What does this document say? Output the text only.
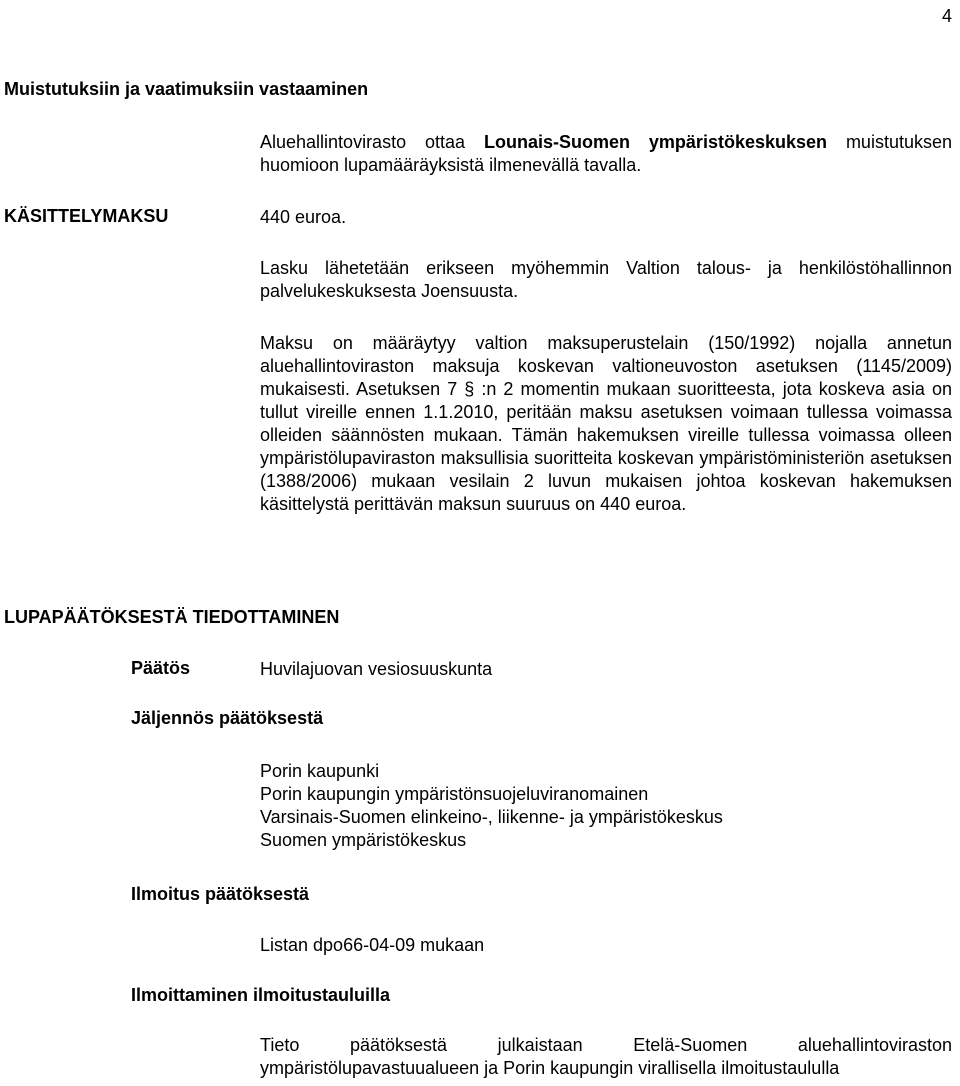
4
Muistutuksiin ja vaatimuksiin vastaaminen
Aluehallintovirasto ottaa Lounais-Suomen ympäristökeskuksen muistutuksen huomioon lupamääräyksistä ilmenevällä tavalla.
KÄSITTELYMAKSU	440 euroa.
Lasku lähetetään erikseen myöhemmin Valtion talous- ja henkilöstöhallinnon palvelukeskuksesta Joensuusta.
Maksu on määräytyy valtion maksuperustelain (150/1992) nojalla annetun aluehallintoviraston maksuja koskevan valtioneuvoston asetuksen (1145/2009) mukaisesti. Asetuksen 7 § :n 2 momentin mukaan suoritteesta, jota koskeva asia on tullut vireille ennen 1.1.2010, peritään maksu asetuksen voimaan tullessa voimassa olleiden säännösten mukaan. Tämän hakemuksen vireille tullessa voimassa olleen ympäristölupaviraston maksullisia suoritteita koskevan ympäristöministeriön asetuksen (1388/2006) mukaan vesilain 2 luvun mukaisen johtoa koskevan hakemuksen käsittelystä perittävän maksun suuruus on 440 euroa.
LUPAPÄÄTÖKSESTÄ TIEDOTTAMINEN
Päätös	Huvilajuovan vesiosuuskunta
Jäljennös päätöksestä
Porin kaupunki
Porin kaupungin ympäristönsuojeluviranomainen
Varsinais-Suomen elinkeino-, liikenne- ja ympäristökeskus
Suomen ympäristökeskus
Ilmoitus päätöksestä
Listan dpo66-04-09 mukaan
Ilmoittaminen ilmoitustauluilla
Tieto päätöksestä julkaistaan Etelä-Suomen aluehallintoviraston ympäristölupavastuualueen ja Porin kaupungin virallisella ilmoitustaululla
